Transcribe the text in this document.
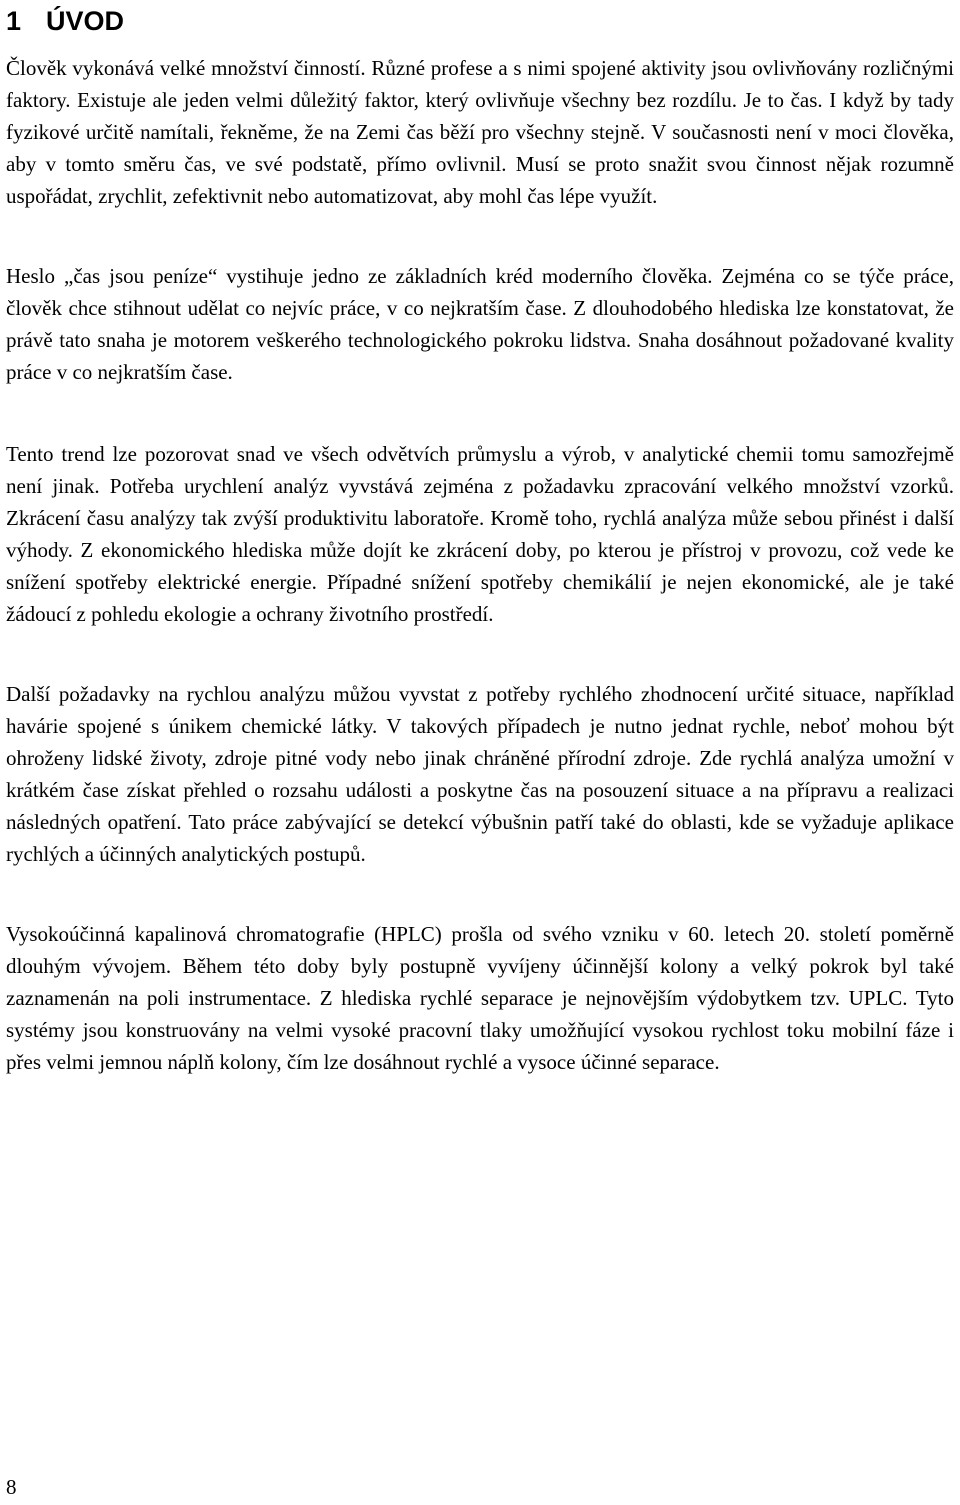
1 ÚVOD

Člověk vykonává velké množství činností. Různé profese a s nimi spojené aktivity jsou ovlivňovány rozličnými faktory. Existuje ale jeden velmi důležitý faktor, který ovlivňuje všechny bez rozdílu. Je to čas. I když by tady fyzikové určitě namítali, řekněme, že na Zemi čas běží pro všechny stejně. V současnosti není v moci člověka, aby v tomto směru čas, ve své podstatě, přímo ovlivnil. Musí se proto snažit svou činnost nějak rozumně uspořádat, zrychlit, zefektivnit nebo automatizovat, aby mohl čas lépe využít.

Heslo „čas jsou peníze“ vystihuje jedno ze základních kréd moderního člověka. Zejména co se týče práce, člověk chce stihnout udělat co nejvíc práce, v co nejkratším čase. Z dlouhodobého hlediska lze konstatovat, že právě tato snaha je motorem veškerého technologického pokroku lidstva. Snaha dosáhnout požadované kvality práce v co nejkratším čase.

Tento trend lze pozorovat snad ve všech odvětvích průmyslu a výrob, v analytické chemii tomu samozřejmě není jinak. Potřeba urychlení analýz vyvstává zejména z požadavku zpracování velkého množství vzorků. Zkrácení času analýzy tak zvýší produktivitu laboratoře. Kromě toho, rychlá analýza může sebou přinést i další výhody. Z ekonomického hlediska může dojít ke zkrácení doby, po kterou je přístroj v provozu, což vede ke snížení spotřeby elektrické energie. Případné snížení spotřeby chemikálií je nejen ekonomické, ale je také žádoucí z pohledu ekologie a ochrany životního prostředí.

Další požadavky na rychlou analýzu můžou vyvstat z potřeby rychlého zhodnocení určité situace, například havárie spojené s únikem chemické látky. V takových případech je nutno jednat rychle, neboť mohou být ohroženy lidské životy, zdroje pitné vody nebo jinak chráněné přírodní zdroje. Zde rychlá analýza umožní v krátkém čase získat přehled o rozsahu události a poskytne čas na posouzení situace a na přípravu a realizaci následných opatření. Tato práce zabývající se detekcí výbušnin patří také do oblasti, kde se vyžaduje aplikace rychlých a účinných analytických postupů.

Vysokoúčinná kapalinová chromatografie (HPLC) prošla od svého vzniku v 60. letech 20. století poměrně dlouhým vývojem. Během této doby byly postupně vyvíjeny účinnější kolony a velký pokrok byl také zaznamenán na poli instrumentace. Z hlediska rychlé separace je nejnovějším výdobytkem tzv. UPLC. Tyto systémy jsou konstruovány na velmi vysoké pracovní tlaky umožňující vysokou rychlost toku mobilní fáze i přes velmi jemnou náplň kolony, čím lze dosáhnout rychlé a vysoce účinné separace.

8
